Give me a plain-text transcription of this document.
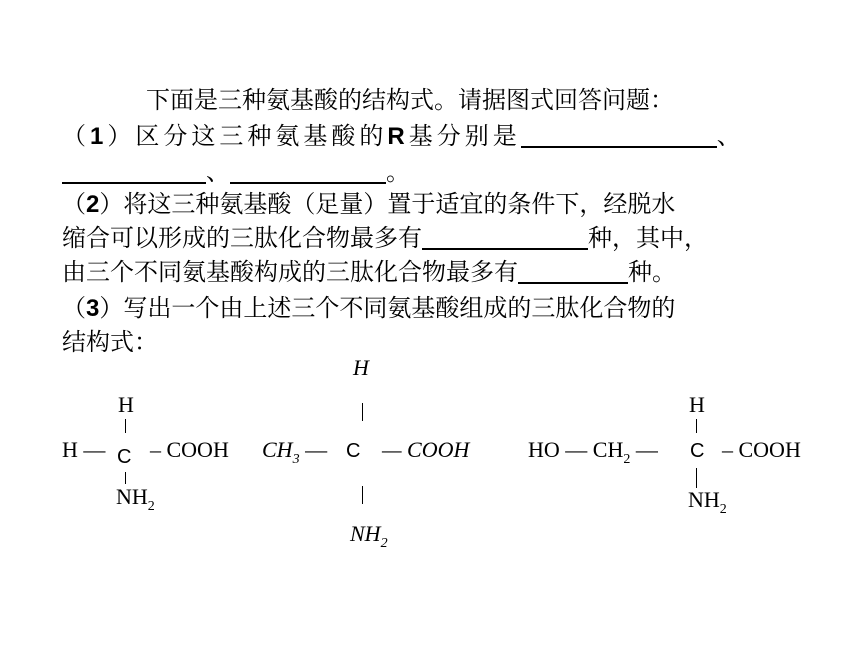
下面是三种氨基酸的结构式。请据图式回答问题：
（1）区分这三种氨基酸的R基分别是	、
、	。
（2）将这三种氨基酸（足量）置于适宜的条件下，经脱水
缩合可以形成的三肽化合物最多有	种，其中，
由三个不同氨基酸构成的三肽化合物最多有	种。
（3）写出一个由上述三个不同氨基酸组成的三肽化合物的
结构式：
H
H — C – COOH
$NH_2$
H
$CH_3$ — C — COOH
$NH_2$
H
HO — $CH_2$ — C – COOH
$NH_2$
